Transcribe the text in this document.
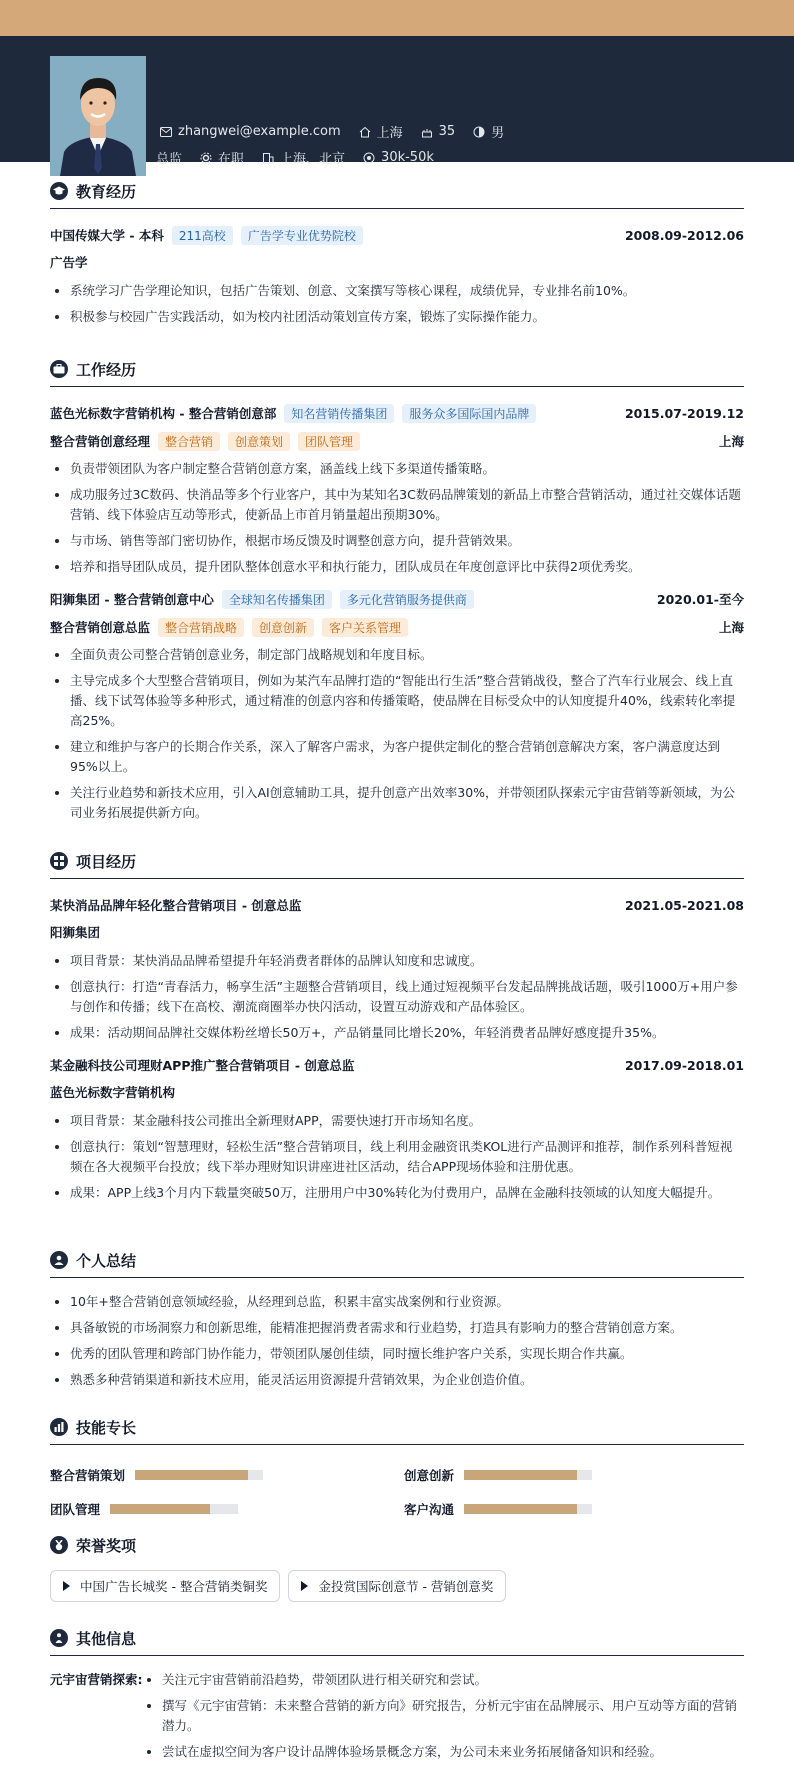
zhangwei@example.com	上海	35	男
总监	在职	上海、北京	30k-50k
教育经历
中国传媒大学 - 本科	211高校	广告学专业优势院校	2008.09-2012.06
广告学
系统学习广告学理论知识，包括广告策划、创意、文案撰写等核心课程，成绩优异，专业排名前10%。
积极参与校园广告实践活动，如为校内社团活动策划宣传方案，锻炼了实际操作能力。
工作经历
蓝色光标数字营销机构 - 整合营销创意部	知名营销传播集团	服务众多国际国内品牌	2015.07-2019.12
整合营销创意经理	整合营销	创意策划	团队管理	上海
负责带领团队为客户制定整合营销创意方案，涵盖线上线下多渠道传播策略。
成功服务过3C数码、快消品等多个行业客户，其中为某知名3C数码品牌策划的新品上市整合营销活动，通过社交媒体话题营销、线下体验店互动等形式，使新品上市首月销量超出预期30%。
与市场、销售等部门密切协作，根据市场反馈及时调整创意方向，提升营销效果。
培养和指导团队成员，提升团队整体创意水平和执行能力，团队成员在年度创意评比中获得2项优秀奖。
阳狮集团 - 整合营销创意中心	全球知名传播集团	多元化营销服务提供商	2020.01-至今
整合营销创意总监	整合营销战略	创意创新	客户关系管理	上海
全面负责公司整合营销创意业务，制定部门战略规划和年度目标。
主导完成多个大型整合营销项目，例如为某汽车品牌打造的“智能出行生活”整合营销战役，整合了汽车行业展会、线上直播、线下试驾体验等多种形式，通过精准的创意内容和传播策略，使品牌在目标受众中的认知度提升40%，线索转化率提高25%。
建立和维护与客户的长期合作关系，深入了解客户需求，为客户提供定制化的整合营销创意解决方案，客户满意度达到95%以上。
关注行业趋势和新技术应用，引入AI创意辅助工具，提升创意产出效率30%，并带领团队探索元宇宙营销等新领域，为公司业务拓展提供新方向。
项目经历
某快消品品牌年轻化整合营销项目 - 创意总监	2021.05-2021.08
阳狮集团
项目背景：某快消品品牌希望提升年轻消费者群体的品牌认知度和忠诚度。
创意执行：打造“青春活力，畅享生活”主题整合营销项目，线上通过短视频平台发起品牌挑战话题，吸引1000万+用户参与创作和传播；线下在高校、潮流商圈举办快闪活动，设置互动游戏和产品体验区。
成果：活动期间品牌社交媒体粉丝增长50万+，产品销量同比增长20%，年轻消费者品牌好感度提升35%。
某金融科技公司理财APP推广整合营销项目 - 创意总监	2017.09-2018.01
蓝色光标数字营销机构
项目背景：某金融科技公司推出全新理财APP，需要快速打开市场知名度。
创意执行：策划“智慧理财，轻松生活”整合营销项目，线上利用金融资讯类KOL进行产品测评和推荐，制作系列科普短视频在各大视频平台投放；线下举办理财知识讲座进社区活动，结合APP现场体验和注册优惠。
成果：APP上线3个月内下载量突破50万，注册用户中30%转化为付费用户，品牌在金融科技领域的认知度大幅提升。
个人总结
10年+整合营销创意领域经验，从经理到总监，积累丰富实战案例和行业资源。
具备敏锐的市场洞察力和创新思维，能精准把握消费者需求和行业趋势，打造具有影响力的整合营销创意方案。
优秀的团队管理和跨部门协作能力，带领团队屡创佳绩，同时擅长维护客户关系，实现长期合作共赢。
熟悉多种营销渠道和新技术应用，能灵活运用资源提升营销效果，为企业创造价值。
技能专长
整合营销策划	创意创新
团队管理	客户沟通
荣誉奖项
中国广告长城奖 - 整合营销类铜奖	金投赏国际创意节 - 营销创意奖
其他信息
元宇宙营销探索:	关注元宇宙营销前沿趋势，带领团队进行相关研究和尝试。
撰写《元宇宙营销：未来整合营销的新方向》研究报告，分析元宇宙在品牌展示、用户互动等方面的营销潜力。
尝试在虚拟空间为客户设计品牌体验场景概念方案，为公司未来业务拓展储备知识和经验。
